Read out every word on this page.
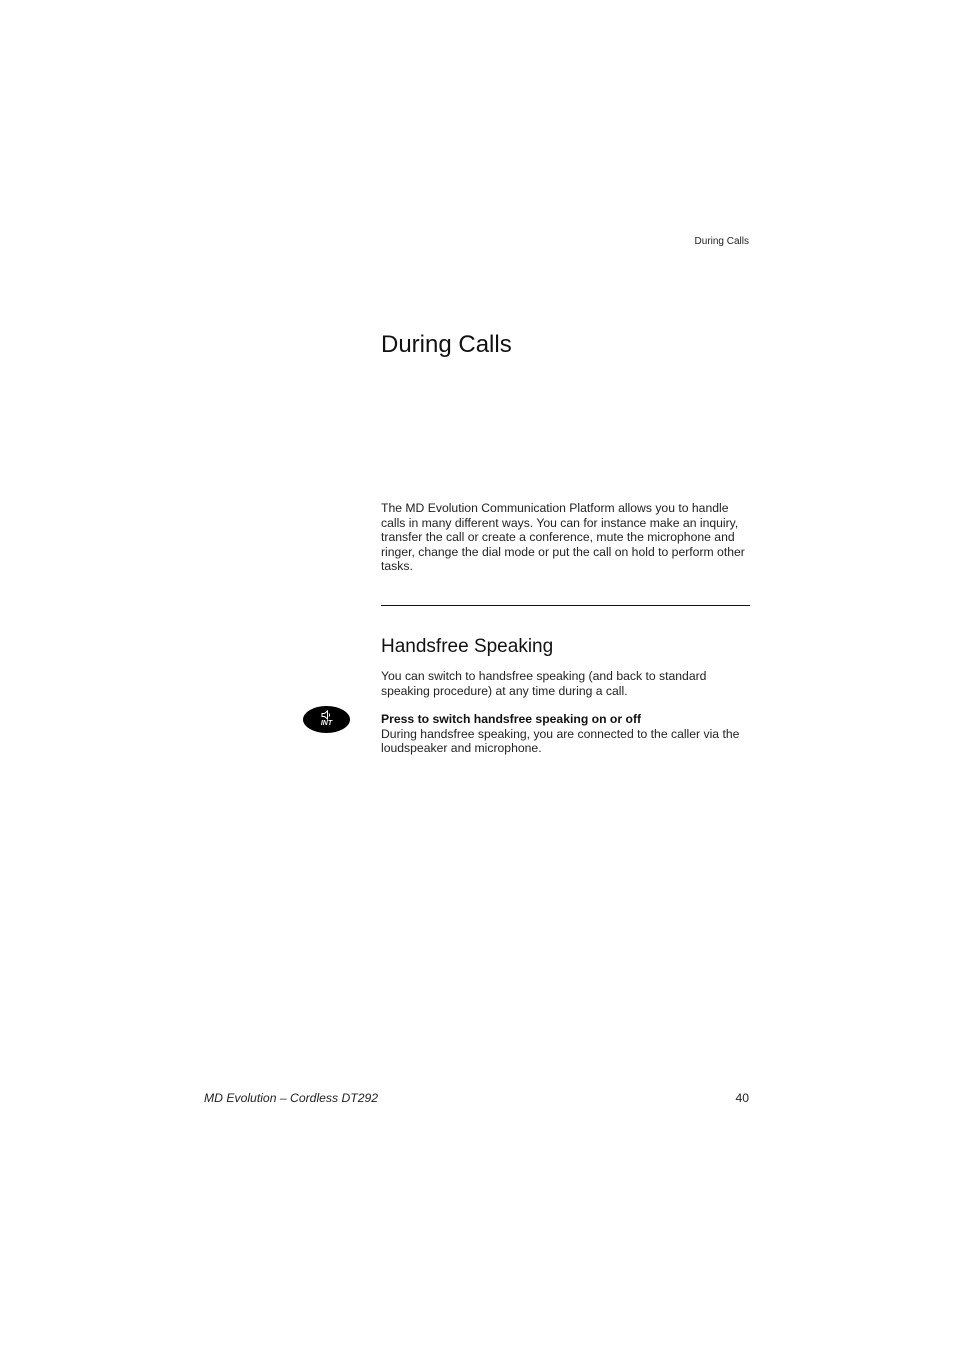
During Calls
During Calls

The MD Evolution Communication Platform allows you to handle calls in many different ways. You can for instance make an inquiry, transfer the call or create a conference, mute the microphone and ringer, change the dial mode or put the call on hold to perform other tasks.

Handsfree Speaking

You can switch to handsfree speaking (and back to standard speaking procedure) at any time during a call.

INT	Press to switch handsfree speaking on or off

During handsfree speaking, you are connected to the caller via the loudspeaker and microphone.

MD Evolution – Cordless DT292	40
